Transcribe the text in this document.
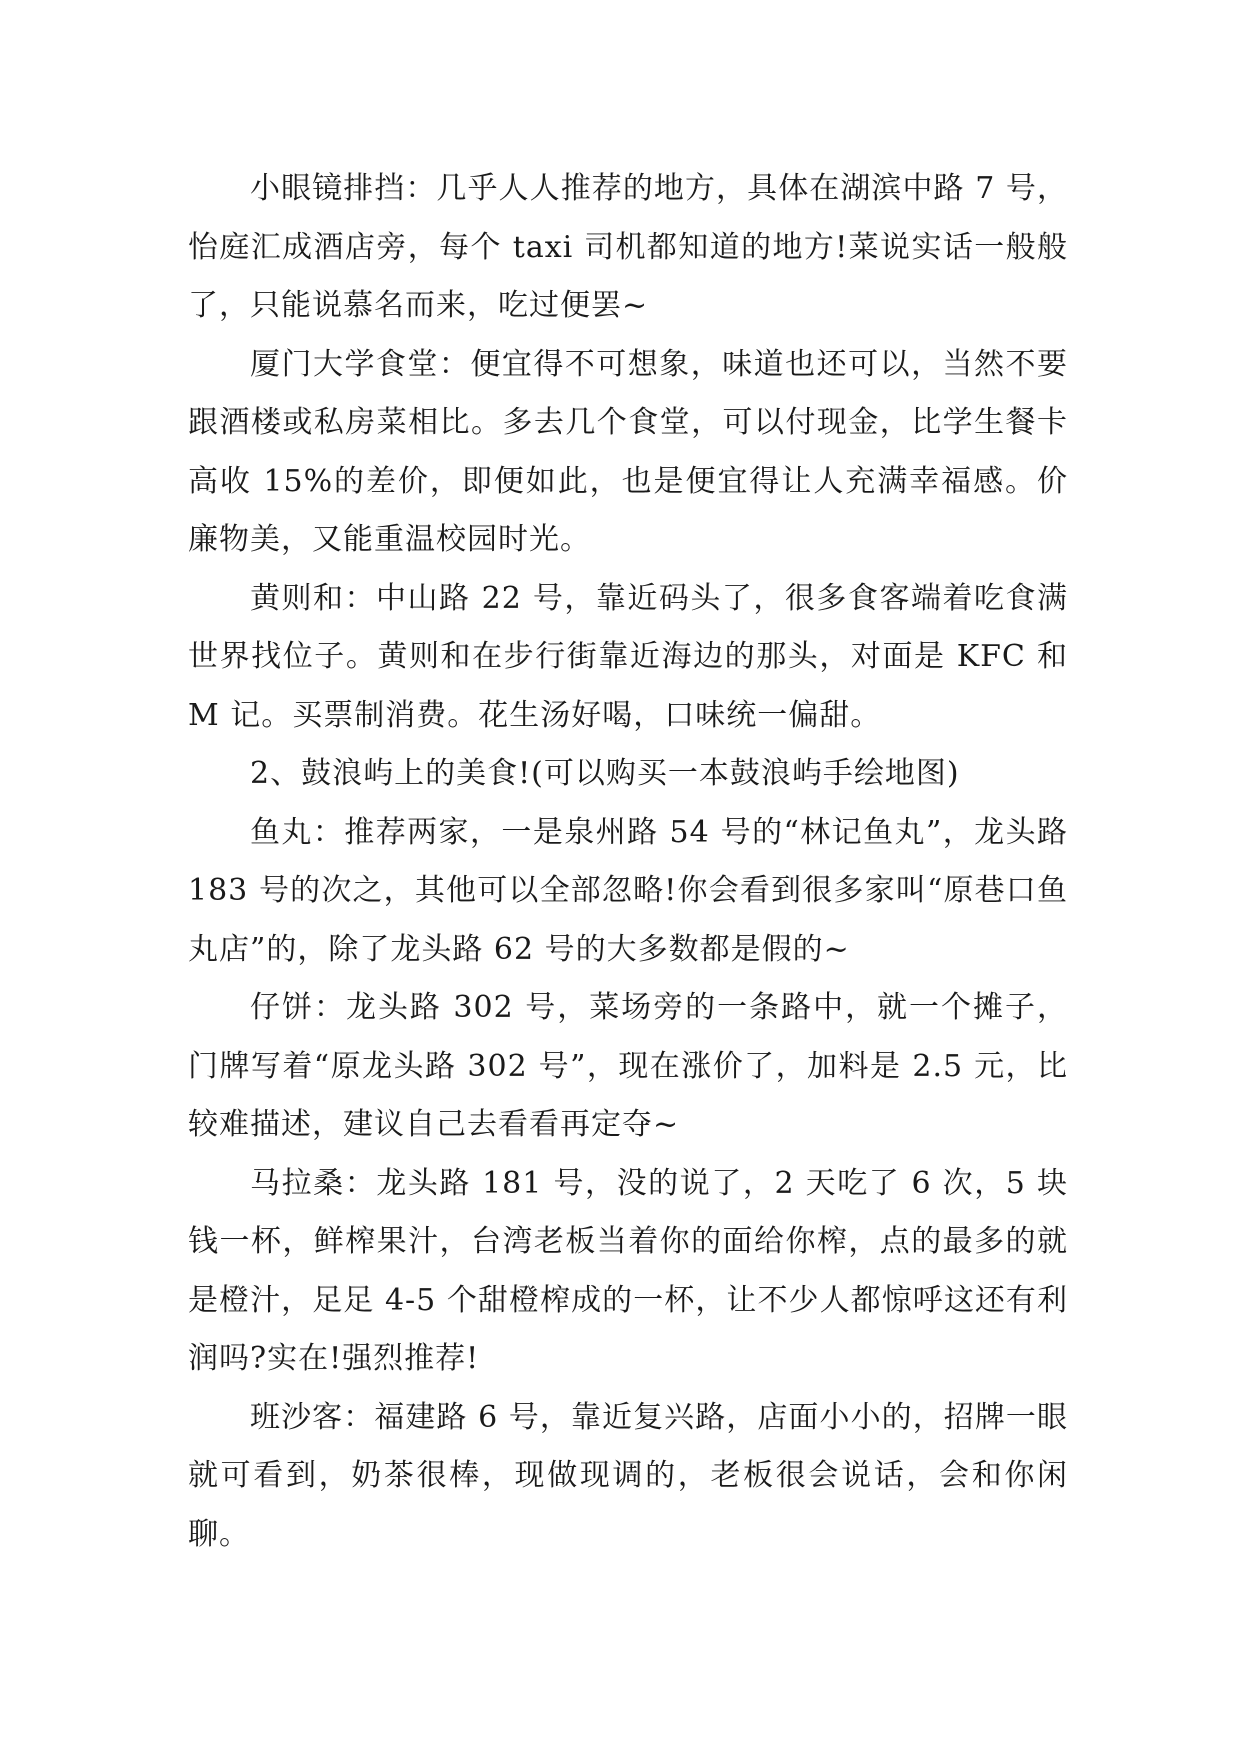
小眼镜排挡：几乎人人推荐的地方，具体在湖滨中路 7 号，怡庭汇成酒店旁，每个 taxi 司机都知道的地方!菜说实话一般般了，只能说慕名而来，吃过便罢~

厦门大学食堂：便宜得不可想象，味道也还可以，当然不要跟酒楼或私房菜相比。多去几个食堂，可以付现金，比学生餐卡高收 15%的差价，即便如此，也是便宜得让人充满幸福感。价廉物美，又能重温校园时光。

黄则和：中山路 22 号，靠近码头了，很多食客端着吃食满世界找位子。黄则和在步行街靠近海边的那头，对面是 KFC 和 M 记。买票制消费。花生汤好喝，口味统一偏甜。

2、鼓浪屿上的美食!(可以购买一本鼓浪屿手绘地图)

鱼丸：推荐两家，一是泉州路 54 号的“林记鱼丸”，龙头路 183 号的次之，其他可以全部忽略!你会看到很多家叫“原巷口鱼丸店”的，除了龙头路 62 号的大多数都是假的~

仔饼：龙头路 302 号，菜场旁的一条路中，就一个摊子，门牌写着“原龙头路 302 号”，现在涨价了，加料是 2.5 元，比较难描述，建议自己去看看再定夺~

马拉桑：龙头路 181 号，没的说了，2 天吃了 6 次，5 块钱一杯，鲜榨果汁，台湾老板当着你的面给你榨，点的最多的就是橙汁，足足 4-5 个甜橙榨成的一杯，让不少人都惊呼这还有利润吗?实在!强烈推荐!

班沙客：福建路 6 号，靠近复兴路，店面小小的，招牌一眼就可看到，奶茶很棒，现做现调的，老板很会说话，会和你闲聊。
